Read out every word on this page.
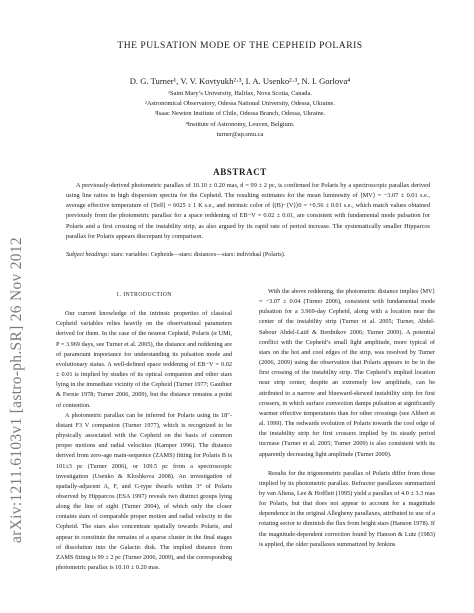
arXiv:1211.6103v1 [astro-ph.SR] 26 Nov 2012
THE PULSATION MODE OF THE CEPHEID POLARIS
D. G. Turner¹, V. V. Kovtyukh²·³, I. A. Usenko²·³, N. I. Gorlova⁴
¹Saint Mary’s University, Halifax, Nova Scotia, Canada.
²Astronomical Observatory, Odessa National University, Odessa, Ukraine.
³Isaac Newton Institute of Chile, Odessa Branch, Odessa, Ukraine.
⁴Institute of Astronomy, Leuven, Belgium.
turner@ap.smu.ca
ABSTRACT

A previously-derived photometric parallax of 10.10 ± 0.20 mas, d = 99 ± 2 pc, is confirmed for Polaris by a spectroscopic parallax derived using line ratios in high dispersion spectra for the Cepheid. The resulting estimates for the mean luminosity of ⟨MV⟩ = −3.07 ± 0.01 s.e., average effective temperature of ⟨Teff⟩ = 6025 ± 1 K s.e., and intrinsic color of ⟨(B)−⟨V⟩⟩0 = +0.56 ± 0.01 s.e., which match values obtained previously from the photometric parallax for a space reddening of EB−V = 0.02 ± 0.01, are consistent with fundamental mode pulsation for Polaris and a first crossing of the instability strip, as also argued by its rapid rate of period increase. The systematically smaller Hipparcos parallax for Polaris appears discrepant by comparison.

Subject headings: stars: variables: Cepheids—stars: distances—stars: individual (Polaris).
1. INTRODUCTION

Our current knowledge of the intrinsic properties of classical Cepheid variables relies heavily on the observational parameters derived for them. In the case of the nearest Cepheid, Polaris (α UMi, P = 3.969 days, see Turner et al. 2005), the distance and reddening are of paramount importance for understanding its pulsation mode and evolutionary status. A well-defined space reddening of EB−V = 0.02 ± 0.01 is implied by studies of its optical companion and other stars lying in the immediate vicinity of the Cepheid (Turner 1977; Gauthier & Fernie 1978; Turner 2006, 2009), but the distance remains a point of contention.

A photometric parallax can be inferred for Polaris using its 18″-distant F3 V companion (Turner 1977), which is recognized to be physically associated with the Cepheid on the basis of common proper motions and radial velocities (Kamper 1996). The distance derived from zero-age main-sequence (ZAMS) fitting for Polaris B is 101±3 pc (Turner 2006), or 109.5 pc from a spectroscopic investigation (Usenko & Kloshkova 2008). An investigation of spatially-adjacent A, F, and G-type dwarfs within 3° of Polaris observed by Hipparcos (ESA 1997) reveals two distinct groups lying along the line of sight (Turner 2004), of which only the closer contains stars of comparable proper motion and radial velocity to the Cepheid. The stars also concentrate spatially towards Polaris, and appear to constitute the remains of a sparse cluster in the final stages of dissolution into the Galactic disk. The implied distance from ZAMS fitting is 99 ± 2 pc (Turner 2006, 2009), and the corresponding photometric parallax is 10.10 ± 0.20 mas.

With the above reddening, the photometric distance implies ⟨MV⟩ = −3.07 ± 0.04 (Turner 2006), consistent with fundamental mode pulsation for a 3.969-day Cepheid, along with a location near the center of the instability strip (Turner et al. 2005; Turner, Abdel-Sabour Abdel-Latif & Berdnikov 2006; Turner 2009). A potential conflict with the Cepheid’s small light amplitude, more typical of stars on the hot and cool edges of the strip, was resolved by Turner (2006, 2009) using the observation that Polaris appears to be in the first crossing of the instability strip. The Cepheid’s implied location near strip center, despite an extremely low amplitude, can be attributed to a narrow and blueward-skewed instability strip for first crossers, in which surface convection damps pulsation at significantly warmer effective temperatures than for other crossings (see Alibert et al. 1999). The redwards evolution of Polaris towards the cool edge of the instability strip for first crossers implied by its steady period increase (Turner et al. 2005; Turner 2009) is also consistent with its apparently decreasing light amplitude (Turner 2009).

Results for the trigonometric parallax of Polaris differ from those implied by its photometric parallax. Refractor parallaxes summarized by van Altena, Lee & Hoffleit (1995) yield a parallax of 4.0 ± 3.3 mas for Polaris, but that does not appear to account for a magnitude dependence in the original Allegheny parallaxes, attributed to use of a rotating sector to diminish the flux from bright stars (Hanson 1978). If the magnitude-dependent correction found by Hanson & Lutz (1983) is applied, the older parallaxes summarized by Jenkins
